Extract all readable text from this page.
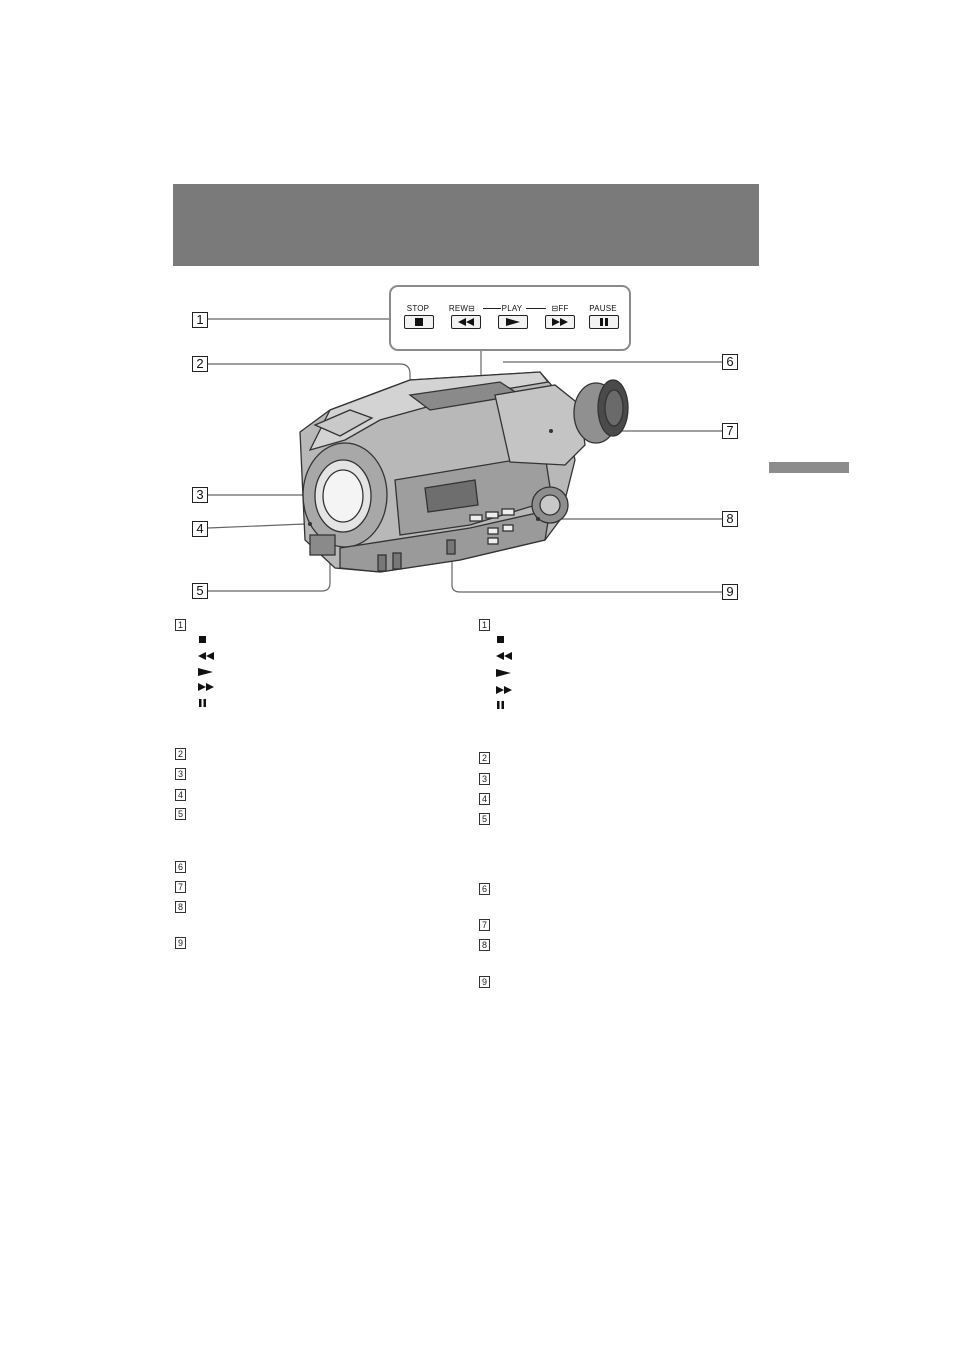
STOP	REW⊟	PLAY	⊟FF	PAUSE
1
2
3
4
5
6
7
8
9
1
2
3
4
5
6
7
8
9
1
2
3
4
5
6
7
8
9
